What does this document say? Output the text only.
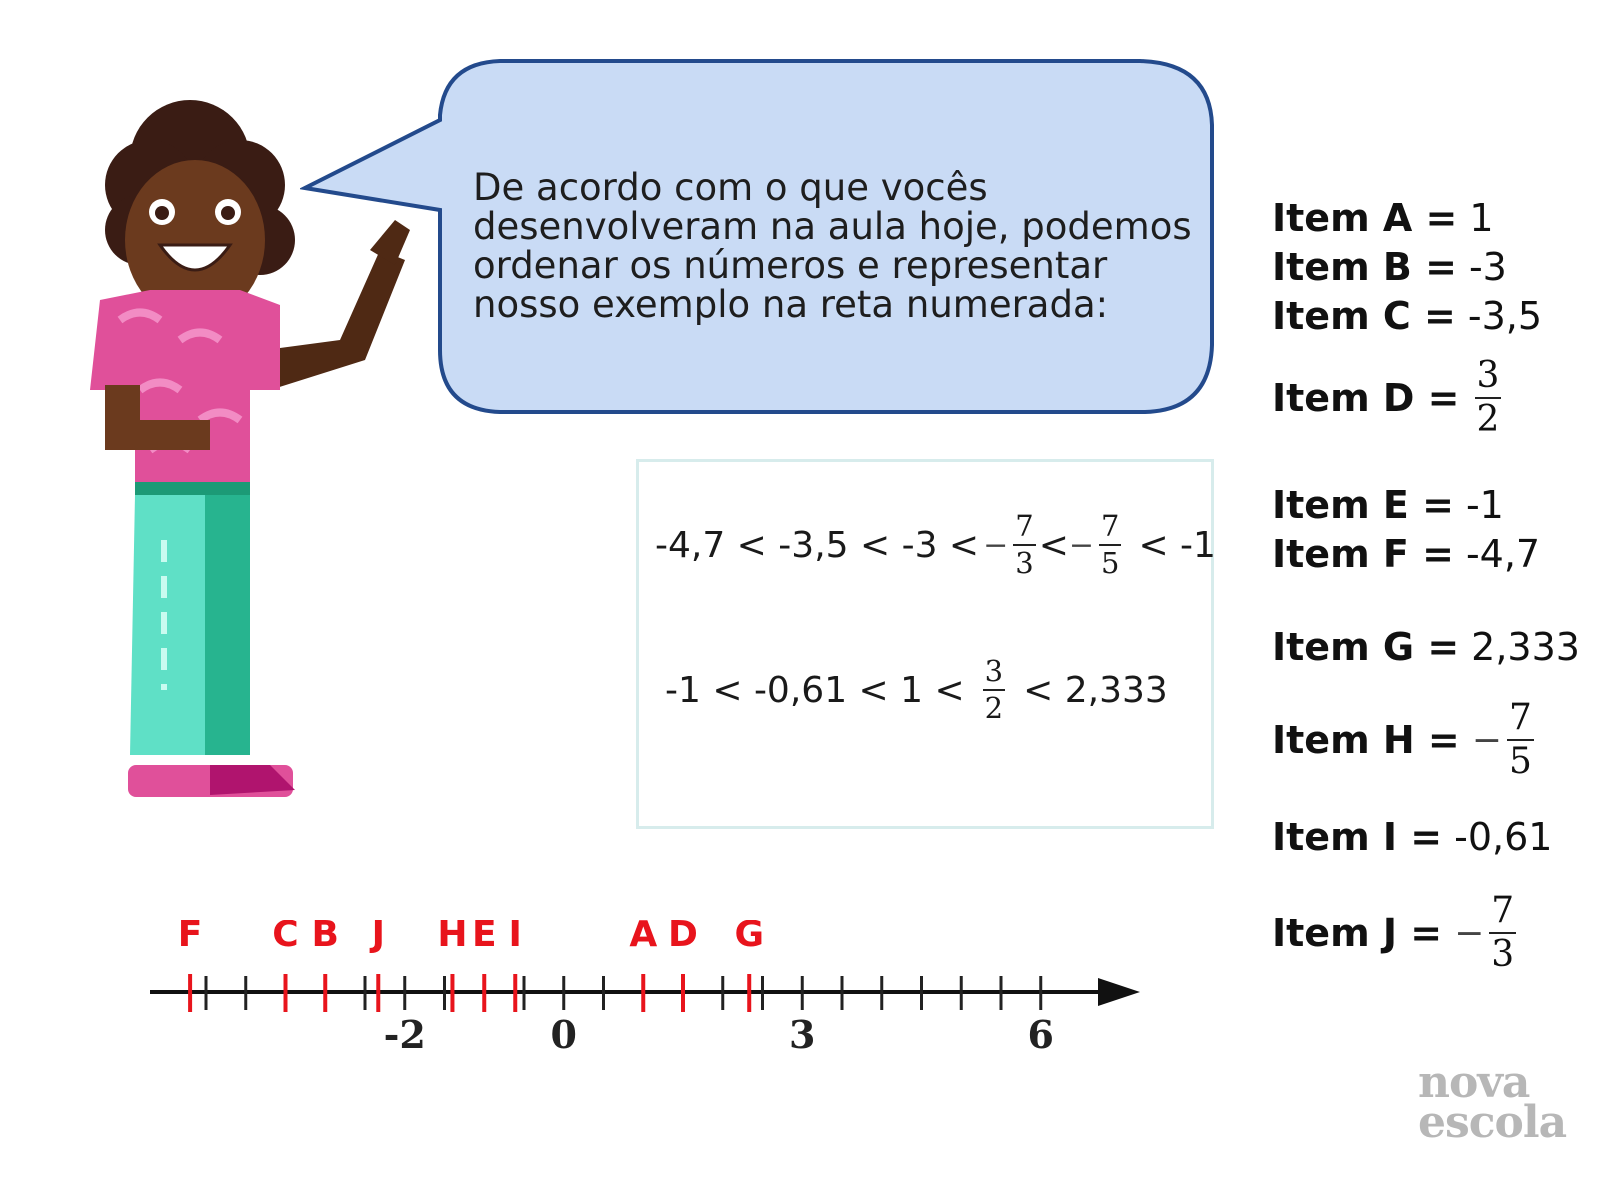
De acordo com o que vocês
desenvolveram na aula hoje, podemos
ordenar os números e representar
nosso exemplo na reta numerada:
-4,7 < -3,5 < -3 < − $\frac{7}{3}$ < − $\frac{7}{5} < -1$
$-1 < -0,61 < 1 < \frac{3}{2} < 2,333$
Item A = 1
Item B = -3
Item C = -3,5
Item $D = \frac{3}{2}$
Item E = -1
Item F = -4,7
Item G = 2,333
Item H = − $\frac{7}{5}$
Item I = -0,61
Item J = − $\frac{7}{3}$
-2	0	3	6
F C B J H E I	A D G
nova
escola
